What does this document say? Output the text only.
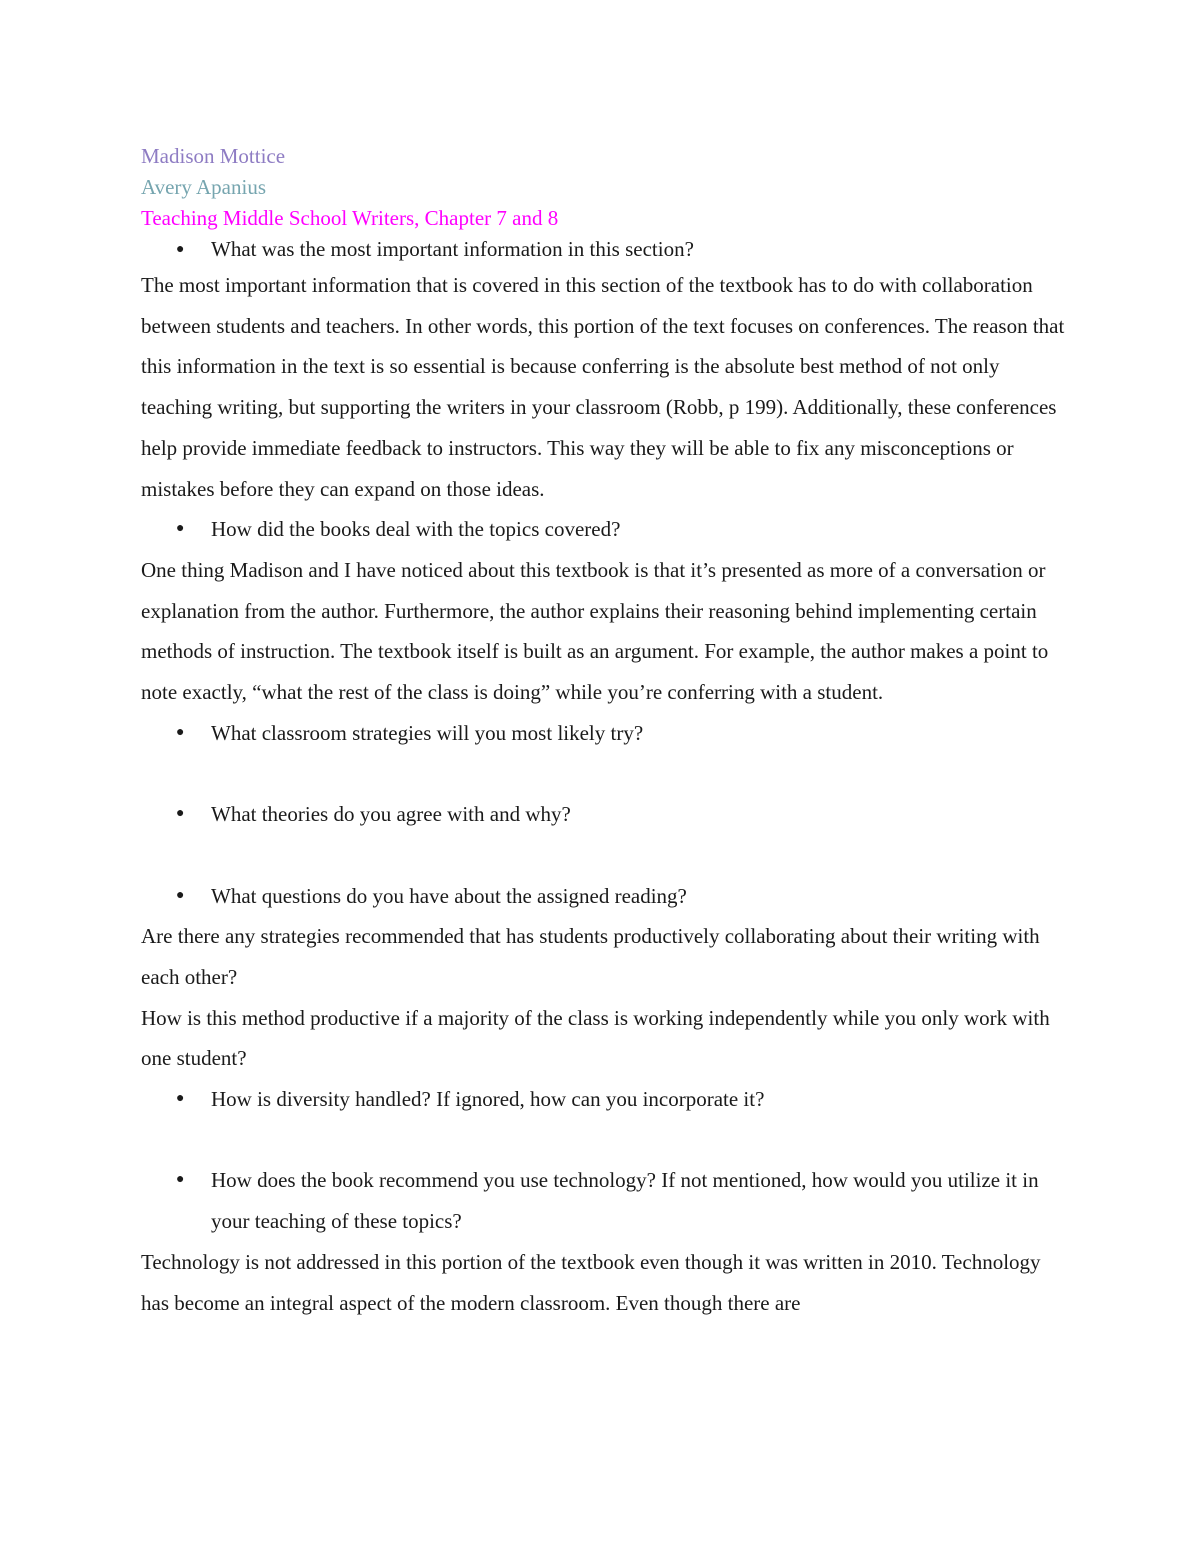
Madison Mottice
Avery Apanius
Teaching Middle School Writers, Chapter 7 and 8
● What was the most important information in this section?
The most important information that is covered in this section of the textbook has to do with collaboration between students and teachers. In other words, this portion of the text focuses on conferences. The reason that this information in the text is so essential is because conferring is the absolute best method of not only teaching writing, but supporting the writers in your classroom (Robb, p 199). Additionally, these conferences help provide immediate feedback to instructors. This way they will be able to fix any misconceptions or mistakes before they can expand on those ideas.
● How did the books deal with the topics covered?
One thing Madison and I have noticed about this textbook is that it’s presented as more of a conversation or explanation from the author. Furthermore, the author explains their reasoning behind implementing certain methods of instruction. The textbook itself is built as an argument. For example, the author makes a point to note exactly, “what the rest of the class is doing” while you’re conferring with a student.
● What classroom strategies will you most likely try?
● What theories do you agree with and why?
● What questions do you have about the assigned reading?
Are there any strategies recommended that has students productively collaborating about their writing with each other?
How is this method productive if a majority of the class is working independently while you only work with one student?
● How is diversity handled? If ignored, how can you incorporate it?
● How does the book recommend you use technology? If not mentioned, how would you utilize it in your teaching of these topics?
Technology is not addressed in this portion of the textbook even though it was written in 2010. Technology has become an integral aspect of the modern classroom. Even though there are
